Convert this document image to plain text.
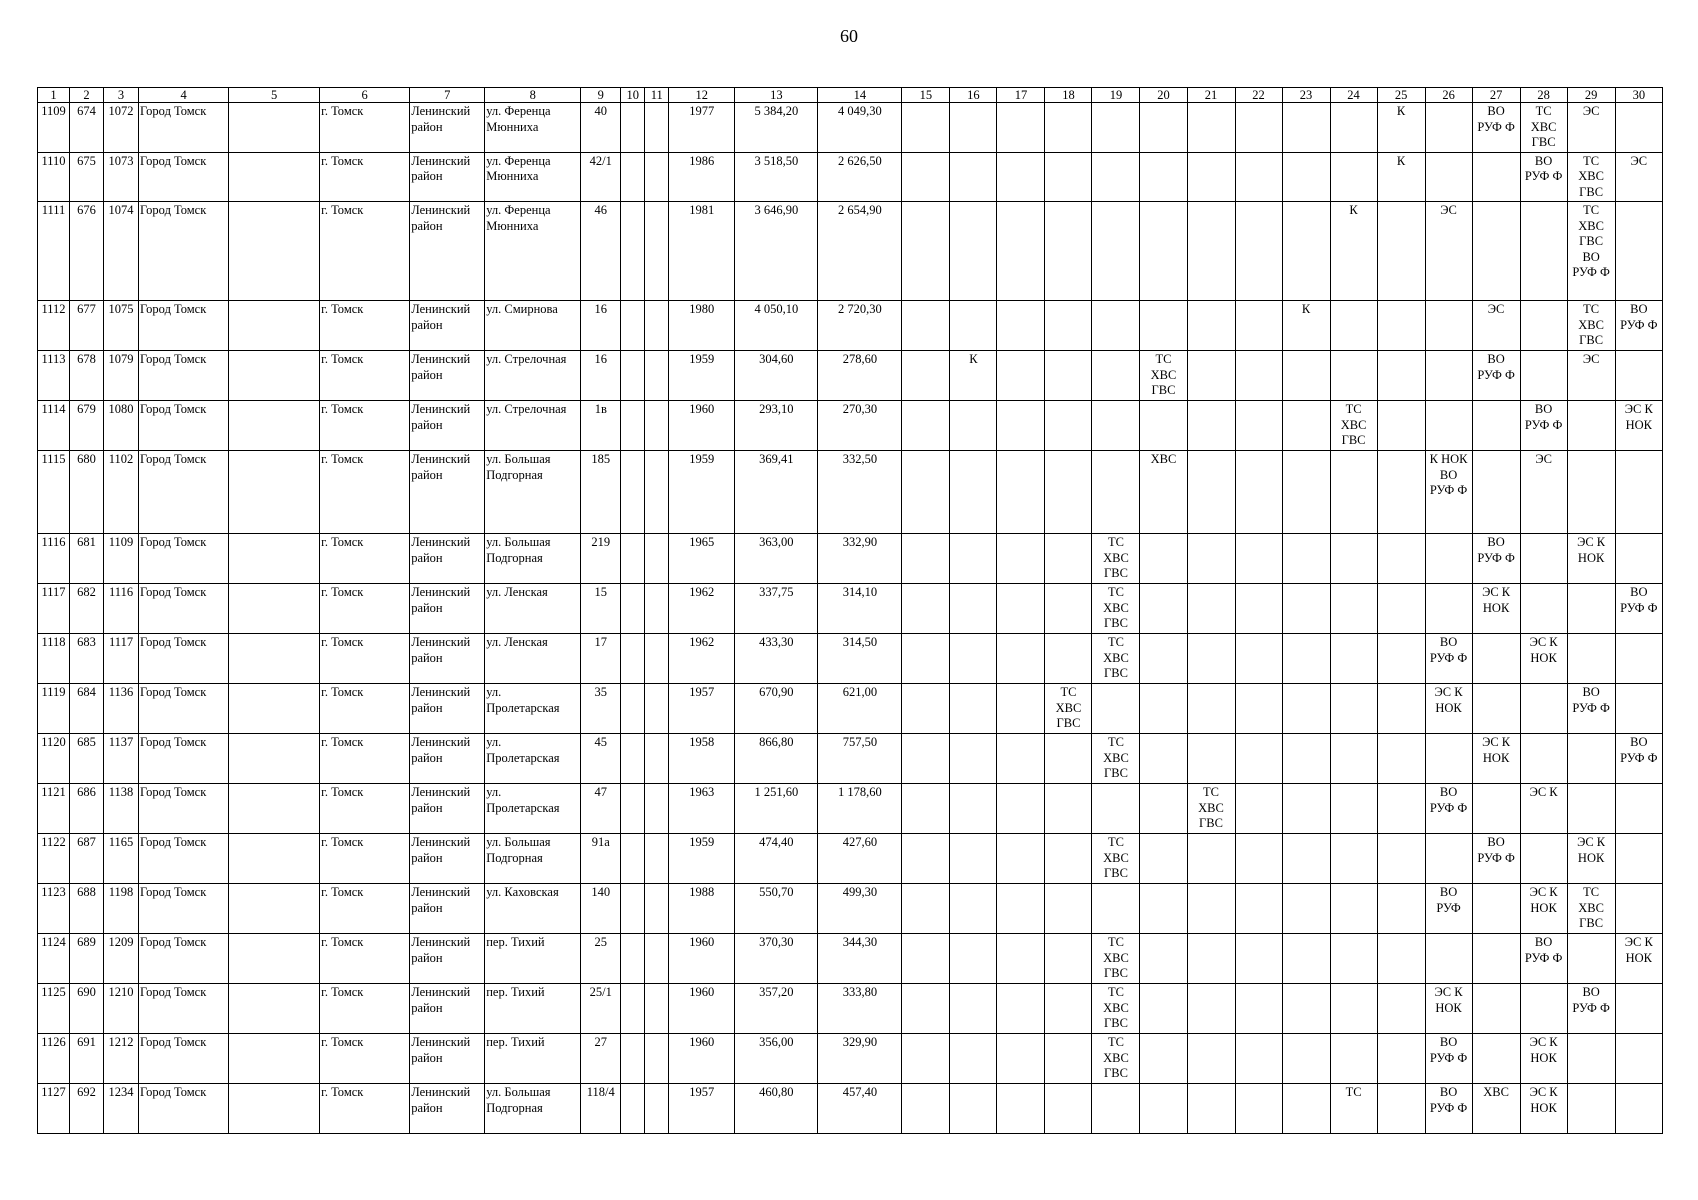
60
1	2	3	4	5	6	7	8	9	10	11	12	13	14	15	16	17	18	19	20	21	22	23	24	25	26	27	28	29	30
1109	674	1072	Город Томск		г. Томск	Ленинский
район	ул. Ференца
Мюнниха	40			1977	5 384,20	4 049,30											К		ВО
РУФ Ф	ТС
ХВС
ГВС	ЭС	
1110	675	1073	Город Томск		г. Томск	Ленинский
район	ул. Ференца
Мюнниха	42/1			1986	3 518,50	2 626,50											К			ВО
РУФ Ф	ТС
ХВС
ГВС	ЭС
1111	676	1074	Город Томск		г. Томск	Ленинский
район	ул. Ференца
Мюнниха	46			1981	3 646,90	2 654,90										К		ЭС			ТС
ХВС
ГВС
ВО
РУФ Ф	
1112	677	1075	Город Томск		г. Томск	Ленинский
район	ул. Смирнова	16			1980	4 050,10	2 720,30									К				ЭС		ТС
ХВС
ГВС	ВО
РУФ Ф
1113	678	1079	Город Томск		г. Томск	Ленинский
район	ул. Стрелочная	16			1959	304,60	278,60		К				ТС
ХВС
ГВС							ВО
РУФ Ф		ЭС	
1114	679	1080	Город Томск		г. Томск	Ленинский
район	ул. Стрелочная	1в			1960	293,10	270,30										ТС
ХВС
ГВС				ВО
РУФ Ф		ЭС К
НОК
1115	680	1102	Город Томск		г. Томск	Ленинский
район	ул. Большая
Подгорная	185			1959	369,41	332,50						ХВС						К НОК
ВО
РУФ Ф		ЭС		
1116	681	1109	Город Томск		г. Томск	Ленинский
район	ул. Большая
Подгорная	219			1965	363,00	332,90					ТС
ХВС
ГВС								ВО
РУФ Ф		ЭС К
НОК	
1117	682	1116	Город Томск		г. Томск	Ленинский
район	ул. Ленская	15			1962	337,75	314,10					ТС
ХВС
ГВС								ЭС К
НОК			ВО
РУФ Ф
1118	683	1117	Город Томск		г. Томск	Ленинский
район	ул. Ленская	17			1962	433,30	314,50					ТС
ХВС
ГВС							ВО
РУФ Ф		ЭС К
НОК		
1119	684	1136	Город Томск		г. Томск	Ленинский
район	ул.
Пролетарская	35			1957	670,90	621,00				ТС
ХВС
ГВС								ЭС К
НОК			ВО
РУФ Ф	
1120	685	1137	Город Томск		г. Томск	Ленинский
район	ул.
Пролетарская	45			1958	866,80	757,50					ТС
ХВС
ГВС								ЭС К
НОК			ВО
РУФ Ф
1121	686	1138	Город Томск		г. Томск	Ленинский
район	ул.
Пролетарская	47			1963	1 251,60	1 178,60							ТС
ХВС
ГВС					ВО
РУФ Ф		ЭС К		
1122	687	1165	Город Томск		г. Томск	Ленинский
район	ул. Большая
Подгорная	91а			1959	474,40	427,60					ТС
ХВС
ГВС								ВО
РУФ Ф		ЭС К
НОК	
1123	688	1198	Город Томск		г. Томск	Ленинский
район	ул. Каховская	140			1988	550,70	499,30												ВО
РУФ		ЭС К
НОК	ТС
ХВС
ГВС	
1124	689	1209	Город Томск		г. Томск	Ленинский
район	пер. Тихий	25			1960	370,30	344,30					ТС
ХВС
ГВС									ВО
РУФ Ф		ЭС К
НОК
1125	690	1210	Город Томск		г. Томск	Ленинский
район	пер. Тихий	25/1			1960	357,20	333,80					ТС
ХВС
ГВС							ЭС К
НОК			ВО
РУФ Ф	
1126	691	1212	Город Томск		г. Томск	Ленинский
район	пер. Тихий	27			1960	356,00	329,90					ТС
ХВС
ГВС							ВО
РУФ Ф		ЭС К
НОК		
1127	692	1234	Город Томск		г. Томск	Ленинский
район	ул. Большая
Подгорная	118/4			1957	460,80	457,40										ТС		ВО
РУФ Ф	ХВС	ЭС К
НОК		
